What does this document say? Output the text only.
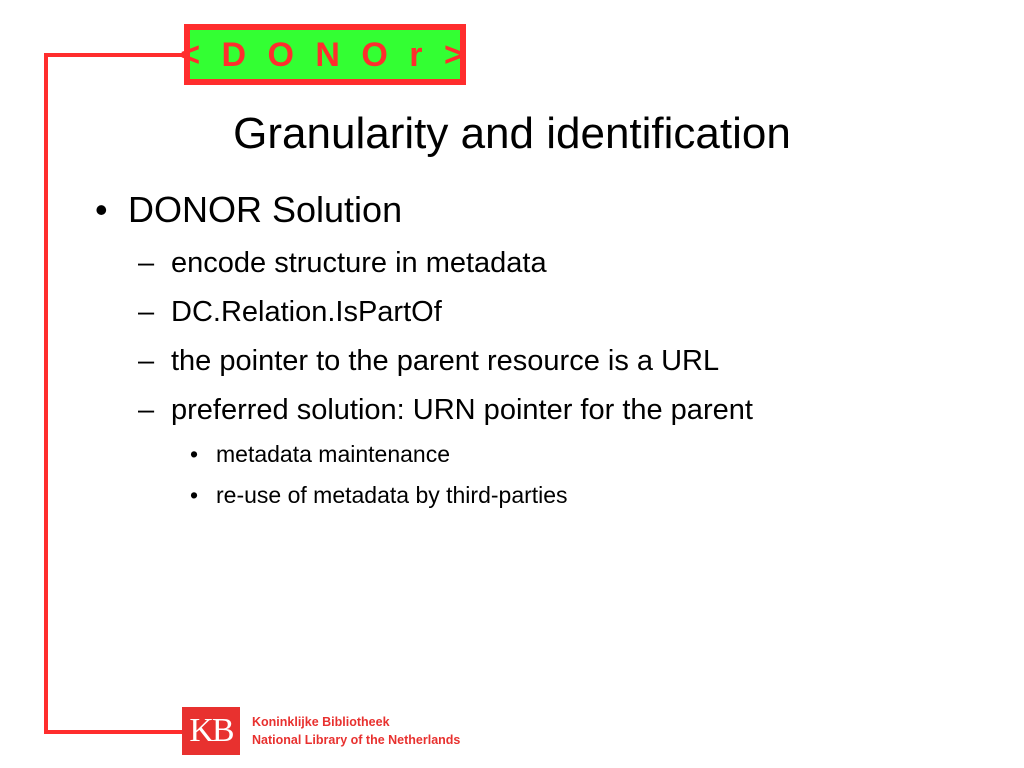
< D O N O r >
Granularity and identification
• DONOR Solution
– encode structure in metadata
– DC.Relation.IsPartOf
– the pointer to the parent resource is a URL
– preferred solution: URN pointer for the parent
• metadata maintenance
• re-use of metadata by third-parties
KB Koninklijke Bibliotheek
National Library of the Netherlands
